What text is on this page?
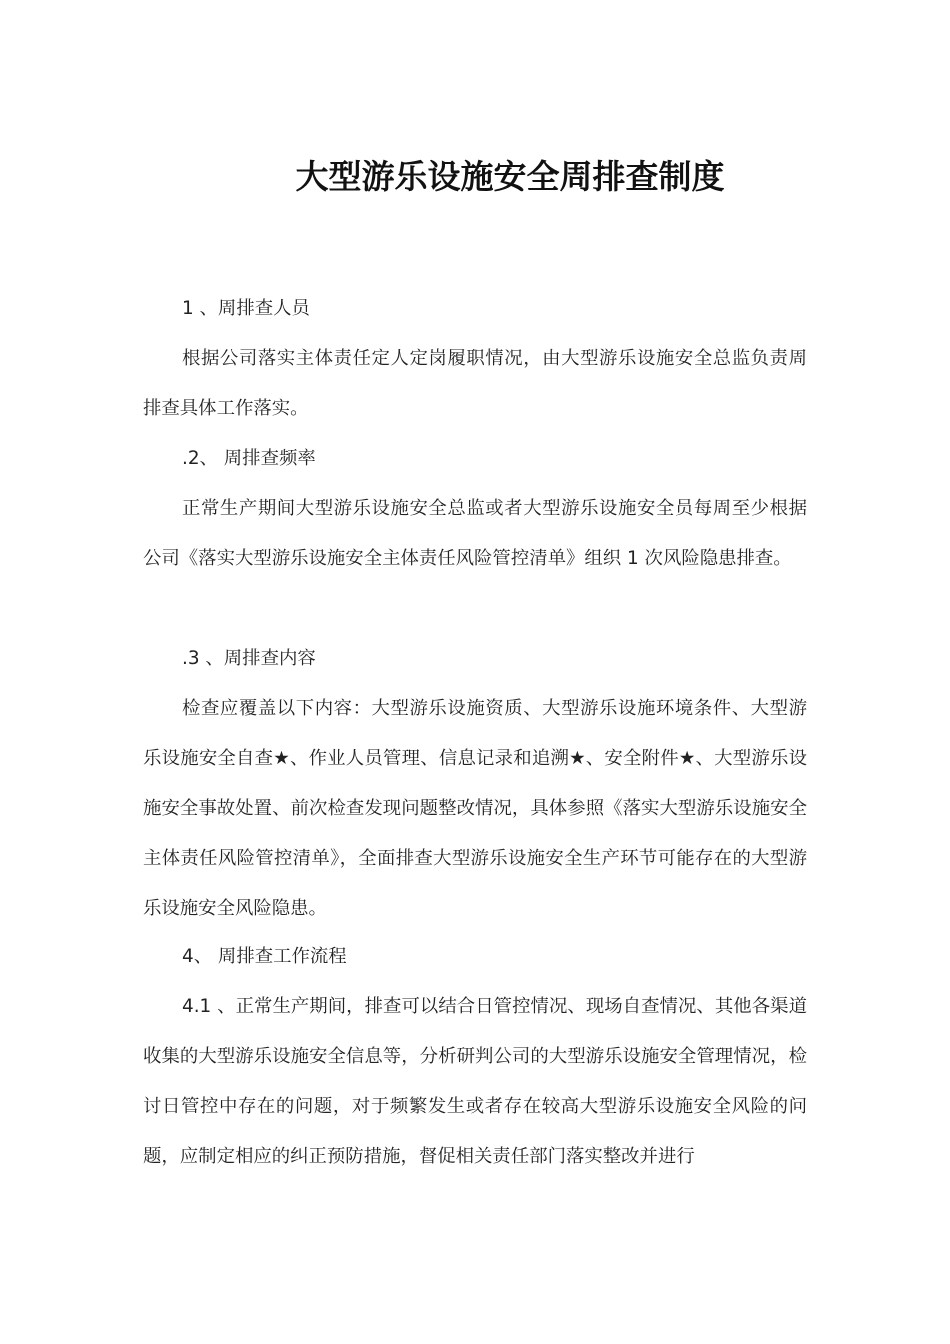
大型游乐设施安全周排查制度
1 、周排查人员

根据公司落实主体责任定人定岗履职情况，由大型游乐设施安全总监负责周排查具体工作落实。

.2、 周排查频率

正常生产期间大型游乐设施安全总监或者大型游乐设施安全员每周至少根据公司《落实大型游乐设施安全主体责任风险管控清单》组织 1 次风险隐患排查。

.3 、周排查内容

检查应覆盖以下内容：大型游乐设施资质、大型游乐设施环境条件、大型游乐设施安全自查★、作业人员管理、信息记录和追溯★、安全附件★、大型游乐设施安全事故处置、前次检查发现问题整改情况，具体参照《落实大型游乐设施安全主体责任风险管控清单》，全面排查大型游乐设施安全生产环节可能存在的大型游乐设施安全风险隐患。

4、 周排查工作流程

4.1 、正常生产期间，排查可以结合日管控情况、现场自查情况、其他各渠道收集的大型游乐设施安全信息等，分析研判公司的大型游乐设施安全管理情况，检讨日管控中存在的问题，对于频繁发生或者存在较高大型游乐设施安全风险的问题，应制定相应的纠正预防措施，督促相关责任部门落实整改并进行
